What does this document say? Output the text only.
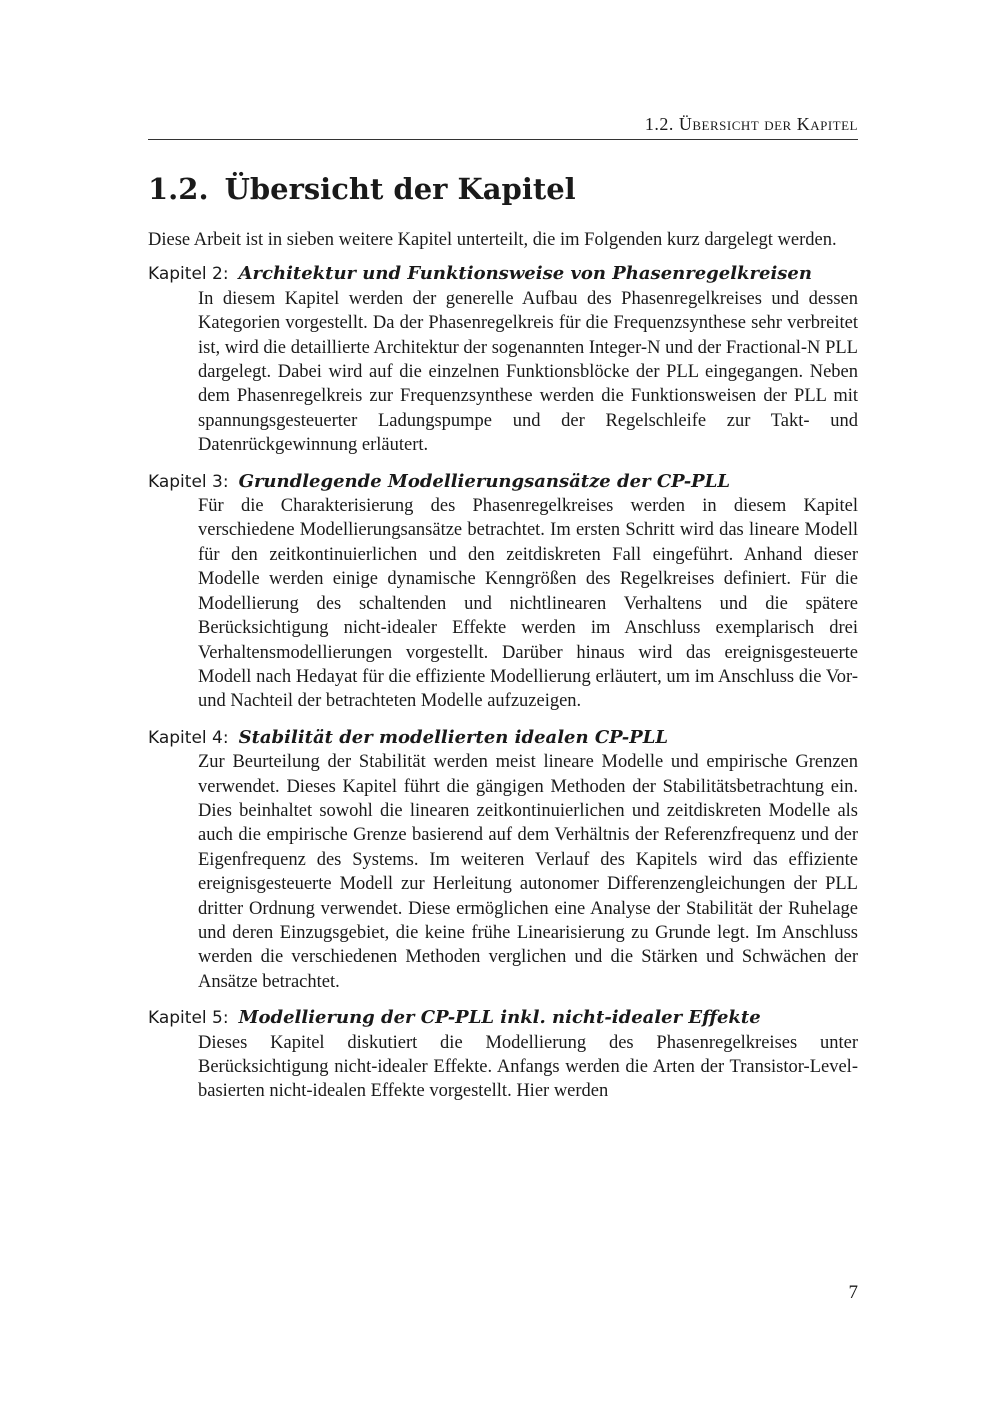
1.2. Übersicht der Kapitel
1.2. Übersicht der Kapitel

Diese Arbeit ist in sieben weitere Kapitel unterteilt, die im Folgenden kurz dargelegt werden.

Kapitel 2: Architektur und Funktionsweise von Phasenregelkreisen

In diesem Kapitel werden der generelle Aufbau des Phasenregelkreises und dessen Kategorien vorgestellt. Da der Phasenregelkreis für die Frequenzsynthese sehr verbreitet ist, wird die detaillierte Architektur der sogenannten Integer-N und der Fractional-N PLL dargelegt. Dabei wird auf die einzelnen Funktionsblöcke der PLL eingegangen. Neben dem Phasenregelkreis zur Frequenzsynthese werden die Funktionsweisen der PLL mit spannungsgesteuerter Ladungspumpe und der Regelschleife zur Takt- und Datenrückgewinnung erläutert.

Kapitel 3: Grundlegende Modellierungsansätze der CP-PLL

Für die Charakterisierung des Phasenregelkreises werden in diesem Kapitel verschiedene Modellierungsansätze betrachtet. Im ersten Schritt wird das lineare Modell für den zeitkontinuierlichen und den zeitdiskreten Fall eingeführt. Anhand dieser Modelle werden einige dynamische Kenngrößen des Regelkreises definiert. Für die Modellierung des schaltenden und nichtlinearen Verhaltens und die spätere Berücksichtigung nicht-idealer Effekte werden im Anschluss exemplarisch drei Verhaltensmodellierungen vorgestellt. Darüber hinaus wird das ereignisgesteuerte Modell nach Hedayat für die effiziente Modellierung erläutert, um im Anschluss die Vor- und Nachteil der betrachteten Modelle aufzuzeigen.

Kapitel 4: Stabilität der modellierten idealen CP-PLL

Zur Beurteilung der Stabilität werden meist lineare Modelle und empirische Grenzen verwendet. Dieses Kapitel führt die gängigen Methoden der Stabilitätsbetrachtung ein. Dies beinhaltet sowohl die linearen zeitkontinuierlichen und zeitdiskreten Modelle als auch die empirische Grenze basierend auf dem Verhältnis der Referenzfrequenz und der Eigenfrequenz des Systems. Im weiteren Verlauf des Kapitels wird das effiziente ereignisgesteuerte Modell zur Herleitung autonomer Differenzengleichungen der PLL dritter Ordnung verwendet. Diese ermöglichen eine Analyse der Stabilität der Ruhelage und deren Einzugsgebiet, die keine frühe Linearisierung zu Grunde legt. Im Anschluss werden die verschiedenen Methoden verglichen und die Stärken und Schwächen der Ansätze betrachtet.

Kapitel 5: Modellierung der CP-PLL inkl. nicht-idealer Effekte

Dieses Kapitel diskutiert die Modellierung des Phasenregelkreises unter Berücksichtigung nicht-idealer Effekte. Anfangs werden die Arten der Transistor-Level-basierten nicht-idealen Effekte vorgestellt. Hier werden

7
